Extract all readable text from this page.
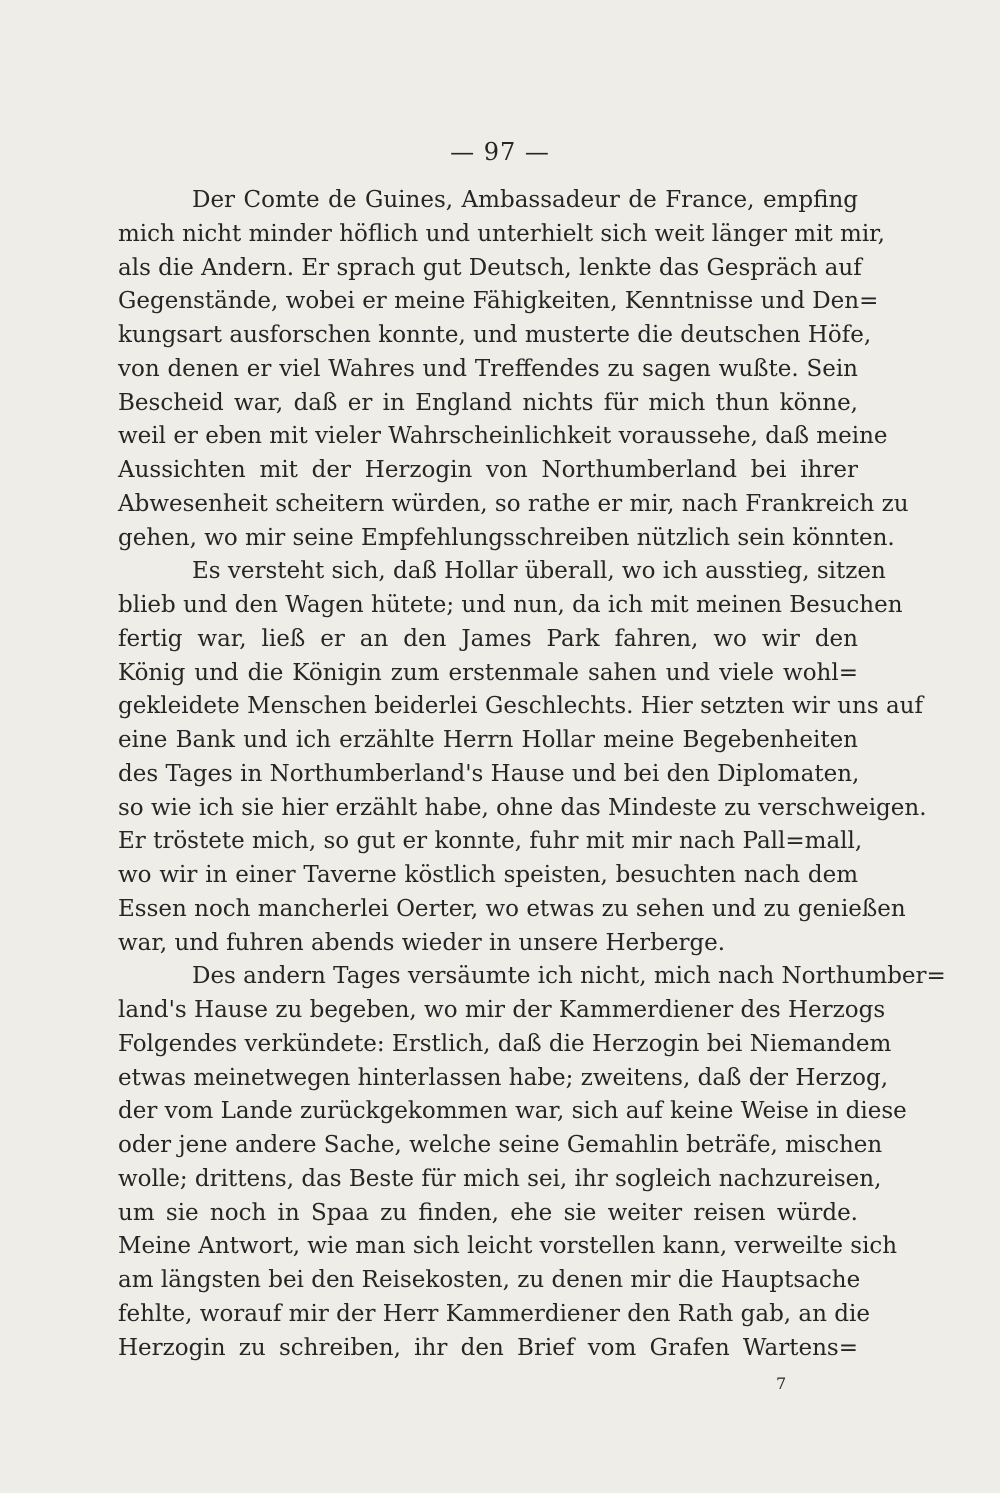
— 97 —
Der Comte de Guines, Ambassadeur de France, empfing
mich nicht minder höflich und unterhielt sich weit länger mit mir,
als die Andern. Er sprach gut Deutsch, lenkte das Gespräch auf
Gegenstände, wobei er meine Fähigkeiten, Kenntnisse und Den=
kungsart ausforschen konnte, und musterte die deutschen Höfe,
von denen er viel Wahres und Treffendes zu sagen wußte. Sein
Bescheid war, daß er in England nichts für mich thun könne,
weil er eben mit vieler Wahrscheinlichkeit voraussehe, daß meine
Aussichten mit der Herzogin von Northumberland bei ihrer
Abwesenheit scheitern würden, so rathe er mir, nach Frankreich zu
gehen, wo mir seine Empfehlungsschreiben nützlich sein könnten.
Es versteht sich, daß Hollar überall, wo ich ausstieg, sitzen
blieb und den Wagen hütete; und nun, da ich mit meinen Besuchen
fertig war, ließ er an den James Park fahren, wo wir den
König und die Königin zum erstenmale sahen und viele wohl=
gekleidete Menschen beiderlei Geschlechts. Hier setzten wir uns auf
eine Bank und ich erzählte Herrn Hollar meine Begebenheiten
des Tages in Northumberland's Hause und bei den Diplomaten,
so wie ich sie hier erzählt habe, ohne das Mindeste zu verschweigen.
Er tröstete mich, so gut er konnte, fuhr mit mir nach Pall=mall,
wo wir in einer Taverne köstlich speisten, besuchten nach dem
Essen noch mancherlei Oerter, wo etwas zu sehen und zu genießen
war, und fuhren abends wieder in unsere Herberge.
Des andern Tages versäumte ich nicht, mich nach Northumber=
land's Hause zu begeben, wo mir der Kammerdiener des Herzogs
Folgendes verkündete: Erstlich, daß die Herzogin bei Niemandem
etwas meinetwegen hinterlassen habe; zweitens, daß der Herzog,
der vom Lande zurückgekommen war, sich auf keine Weise in diese
oder jene andere Sache, welche seine Gemahlin beträfe, mischen
wolle; drittens, das Beste für mich sei, ihr sogleich nachzureisen,
um sie noch in Spaa zu finden, ehe sie weiter reisen würde.
Meine Antwort, wie man sich leicht vorstellen kann, verweilte sich
am längsten bei den Reisekosten, zu denen mir die Hauptsache
fehlte, worauf mir der Herr Kammerdiener den Rath gab, an die
Herzogin zu schreiben, ihr den Brief vom Grafen Wartens=
7
